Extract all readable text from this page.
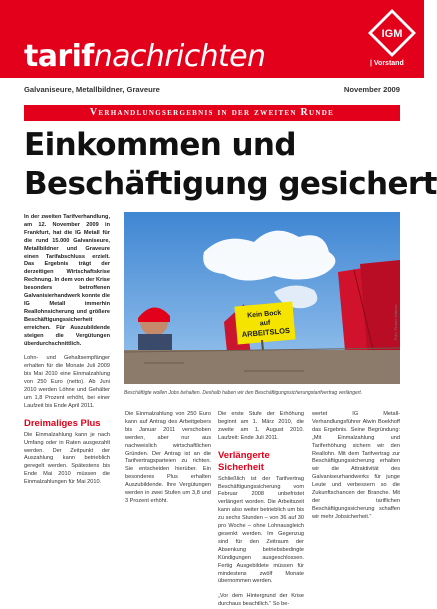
tarifnachrichten
IGM
| Vorstand
Galvaniseure, Metallbildner, Graveure	November 2009
Verhandlungsergebnis in der zweiten Runde
Einkommen und
Beschäftigung gesichert

In der zweiten Tarifverhandlung, am 12. November 2009 in Frankfurt, hat die IG Metall für die rund 15.000 Galvaniseure, Metallbildner und Graveure einen Tarifabschluss erzielt. Das Ergebnis trägt der derzeitigen Wirtschaftskrise Rechnung. In dem von der Krise besonders betroffenen Galvanisierhandwerk konnte die IG Metall immerhin Reallohnsicherung und größere Beschäftigungssicherheit erreichen. Für Auszubildende steigen die Vergütungen überdurchschnittlich.

Lohn- und Gehaltsempfänger erhalten für die Monate Juli 2009 bis Mai 2010 eine Einmalzahlung von 250 Euro (netto). Ab Juni 2010 werden Löhne und Gehälter um 1,8 Prozent erhöht, bei einer Laufzeit bis Ende April 2011.

Dreimaliges Plus

Die Einmalzahlung kann je nach Umfang oder in Raten ausgezahlt werden. Der Zeitpunkt der Auszahlung kann betrieblich geregelt werden. Spätestens bis Ende Mai 2010 müssen die Einmalzahlungen für Mai 2010.

Kein Bock
auf
ARBEITSLOS	Foto: Picture Alliance
Beschäftigte wollen Jobs behalten. Deshalb haben wir den Beschäftigungssicherungstarifvertrag verlängert.

Die Einmalzahlung von 250 Euro kann auf Antrag des Arbeitgebers bis Januar 2011 verschoben werden, aber nur aus nachweislich wirtschaftlichen Gründen. Der Antrag ist an die Tarifvertragsparteien zu richten. Sie entscheiden hierüber. Ein besonderes Plus erhalten Auszubildende. Ihre Vergütungen werden in zwei Stufen um 3,8 und 3 Prozent erhöht.

Die erste Stufe der Erhöhung beginnt am 1. März 2010, die zweite am 1. August 2010. Laufzeit: Ende Juli 2011.

Verlängerte Sicherheit

Schließlich ist der Tarifvertrag Beschäftigungssicherung vom Februar 2008 unbefristet verlängert worden. Die Arbeitszeit kann also weiter betrieblich um bis zu sechs Stunden – von 36 auf 30 pro Woche – ohne Lohnausgleich gesenkt werden. Im Gegenzug sind für den Zeitraum der Absenkung betriebsbedingte Kündigungen ausgeschlossen. Fertig Ausgebildete müssen für mindestens zwölf Monate übernommen werden.

„Vor dem Hintergrund der Krise durchaus beachtlich.“ So be-

wertet IG Metall-Verhandlungsführer Alwin Boekhoff das Ergebnis. Seine Begründung: „Mit Einmalzahlung und Tariferhöhung sichern wir den Reallohn. Mit dem Tarifvertrag zur Beschäftigungssicherung erhalten wir die Attraktivität des Galvaniseurhandwerks für junge Leute und verbessern so die Zukunftschancen der Branche. Mit der tariflichen Beschäftigungssicherung schaffen wir mehr Jobsicherheit.“
